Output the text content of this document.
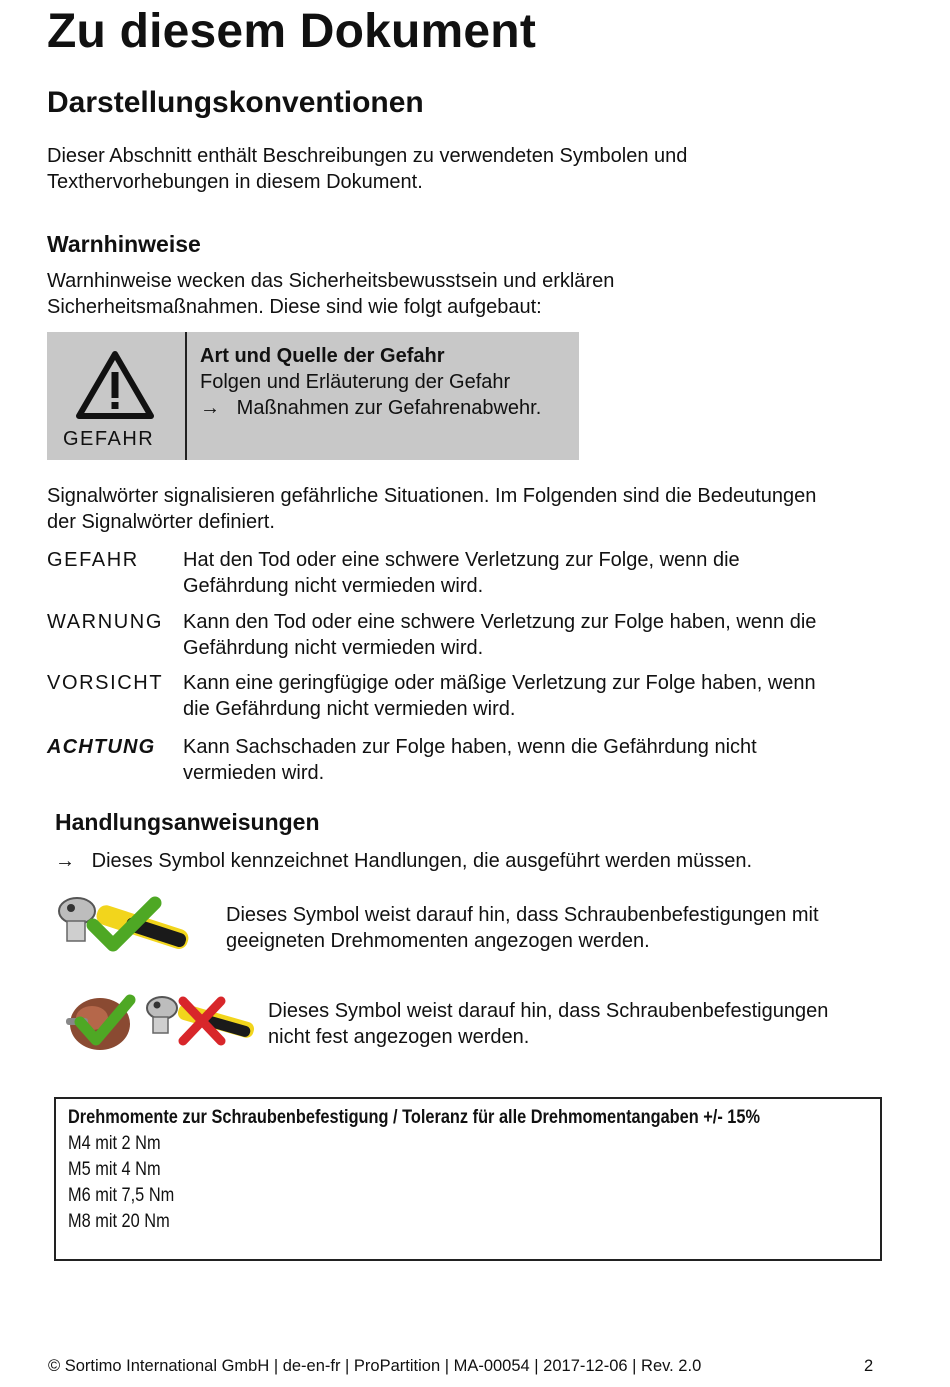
Zu diesem Dokument
Darstellungskonventionen
Dieser Abschnitt enthält Beschreibungen zu verwendeten Symbolen und
Texthervorhebungen in diesem Dokument.
Warnhinweise
Warnhinweise wecken das Sicherheitsbewusstsein und erklären
Sicherheitsmaßnahmen. Diese sind wie folgt aufgebaut:
GEFAHR
Art und Quelle der Gefahr
Folgen und Erläuterung der Gefahr
→ Maßnahmen zur Gefahrenabwehr.
Signalwörter signalisieren gefährliche Situationen. Im Folgenden sind die Bedeutungen
der Signalwörter definiert.
GEFAHR Hat den Tod oder eine schwere Verletzung zur Folge, wenn die
Gefährdung nicht vermieden wird.
WARNUNG Kann den Tod oder eine schwere Verletzung zur Folge haben, wenn die
Gefährdung nicht vermieden wird.
VORSICHT Kann eine geringfügige oder mäßige Verletzung zur Folge haben, wenn
die Gefährdung nicht vermieden wird.
ACHTUNG Kann Sachschaden zur Folge haben, wenn die Gefährdung nicht
vermieden wird.
Handlungsanweisungen
→ Dieses Symbol kennzeichnet Handlungen, die ausgeführt werden müssen.
Dieses Symbol weist darauf hin, dass Schraubenbefestigungen mit
geeigneten Drehmomenten angezogen werden.
Dieses Symbol weist darauf hin, dass Schraubenbefestigungen
nicht fest angezogen werden.
Drehmomente zur Schraubenbefestigung / Toleranz für alle Drehmomentangaben +/- 15%
M4 mit 2 Nm
M5 mit 4 Nm
M6 mit 7,5 Nm
M8 mit 20 Nm
© Sortimo International GmbH | de-en-fr | ProPartition | MA-00054 | 2017-12-06 | Rev. 2.0	2
